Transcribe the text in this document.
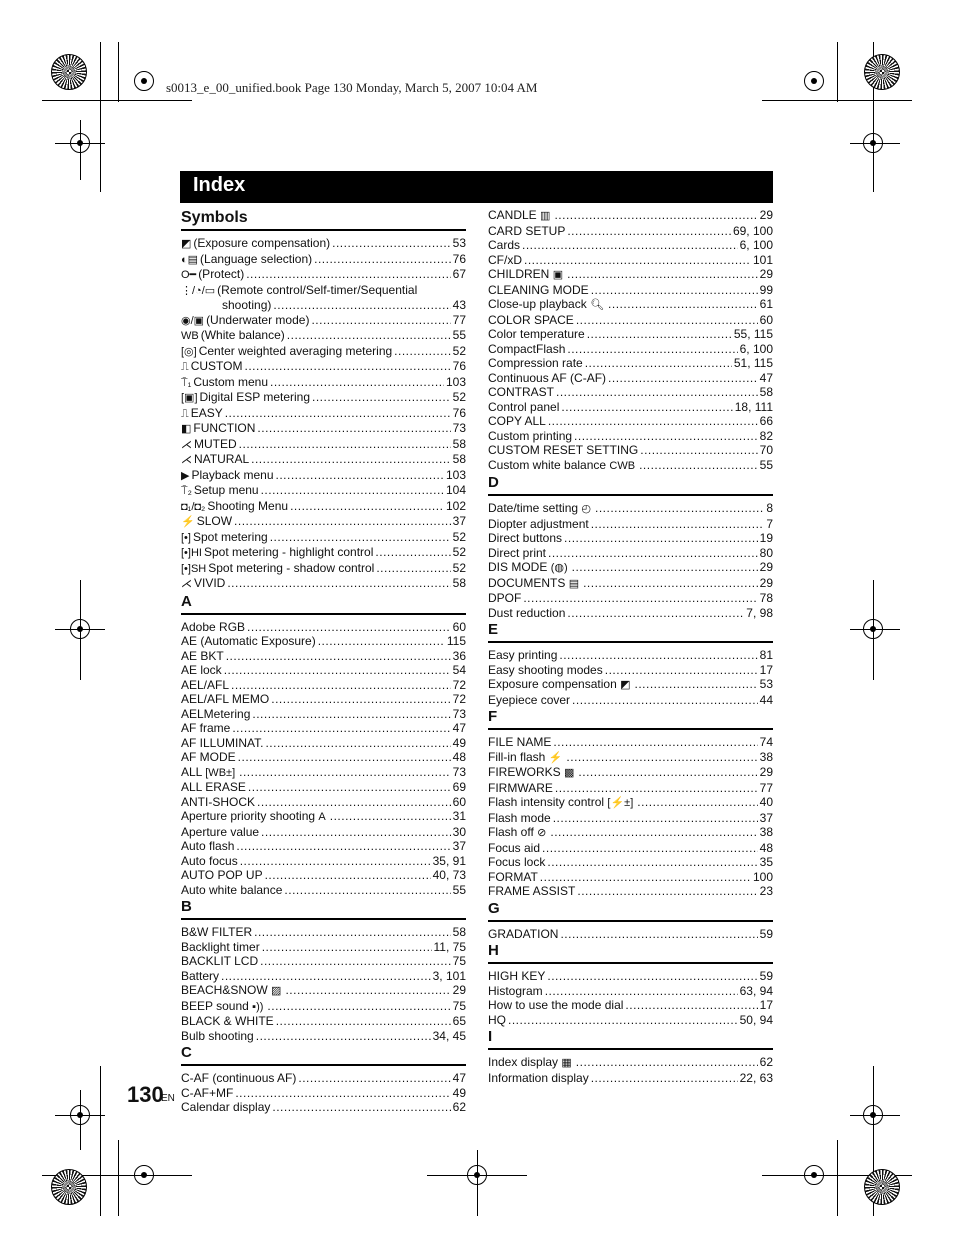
s0013_e_00_unified.book Page 130 Monday, March 5, 2007 10:04 AM
Index
Symbols
◩ (Exposure compensation) .....	53
◐▤ (Language selection) .....	76
O━ (Protect) .....	67
⋮/◔/▭ (Remote control/Self-timer/Sequential
shooting) .....	43
◉/▣ (Underwater mode) .....	77
WB (White balance) .....	55
[◎] Center weighted averaging metering .....	52
⎍ CUSTOM .....	76
⍑₁ Custom menu .....	103
[▣] Digital ESP metering .....	52
⎍ EASY .....	76
◧ FUNCTION .....	73
⋌ MUTED .....	58
⋌ NATURAL .....	58
▶ Playback menu .....	103
⍑₂ Setup menu .....	104
◘₁/◘₂ Shooting Menu .....	102
⚡ SLOW .....	37
[•] Spot metering .....	52
[•]HI Spot metering - highlight control .....	52
[•]SH Spot metering - shadow control .....	52
⋌ VIVID .....	58
A
Adobe RGB .....	60
AE (Automatic Exposure) .....	115
AE BKT .....	36
AE lock .....	54
AEL/AFL .....	72
AEL/AFL MEMO .....	72
AELMetering .....	73
AF frame .....	47
AF ILLUMINAT. .....	49
AF MODE .....	48
ALL [WB±] .....	73
ALL ERASE .....	69
ANTI-SHOCK .....	60
Aperture priority shooting A .....	31
Aperture value .....	30
Auto flash .....	37
Auto focus .....	35, 91
AUTO POP UP .....	40, 73
Auto white balance .....	55
B
B&W FILTER .....	58
Backlight timer .....	11, 75
BACKLIT LCD .....	75
Battery .....	3, 101
BEACH&SNOW ▨ .....	29
BEEP sound ▪)) .....	75
BLACK & WHITE .....	65
Bulb shooting .....	34, 45
C
C-AF (continuous AF) .....	47
C-AF+MF .....	49
Calendar display .....	62
CANDLE ▥ .....	29
CARD SETUP .....	69, 100
Cards .....	6, 100
CF/xD .....	101
CHILDREN ▣ .....	29
CLEANING MODE .....	99
Close-up playback 🔍︎ .....	61
COLOR SPACE .....	60
Color temperature .....	55, 115
CompactFlash .....	6, 100
Compression rate .....	51, 115
Continuous AF (C-AF) .....	47
CONTRAST .....	58
Control panel .....	18, 111
COPY ALL .....	66
Custom printing .....	82
CUSTOM RESET SETTING .....	70
Custom white balance CWB .....	55
D
Date/time setting ◴ .....	8
Diopter adjustment .....	7
Direct buttons .....	19
Direct print .....	80
DIS MODE (◍) .....	29
DOCUMENTS ▤ .....	29
DPOF .....	78
Dust reduction .....	7, 98
E
Easy printing .....	81
Easy shooting modes .....	17
Exposure compensation ◩ .....	53
Eyepiece cover .....	44
F
FILE NAME .....	74
Fill-in flash ⚡ .....	38
FIREWORKS ▩ .....	29
FIRMWARE .....	77
Flash intensity control [⚡±] .....	40
Flash mode .....	37
Flash off ⊘ .....	38
Focus aid .....	48
Focus lock .....	35
FORMAT .....	100
FRAME ASSIST .....	23
G
GRADATION .....	59
H
HIGH KEY .....	59
Histogram .....	63, 94
How to use the mode dial .....	17
HQ .....	50, 94
I
Index display ▦ .....	62
Information display .....	22, 63
130
EN
